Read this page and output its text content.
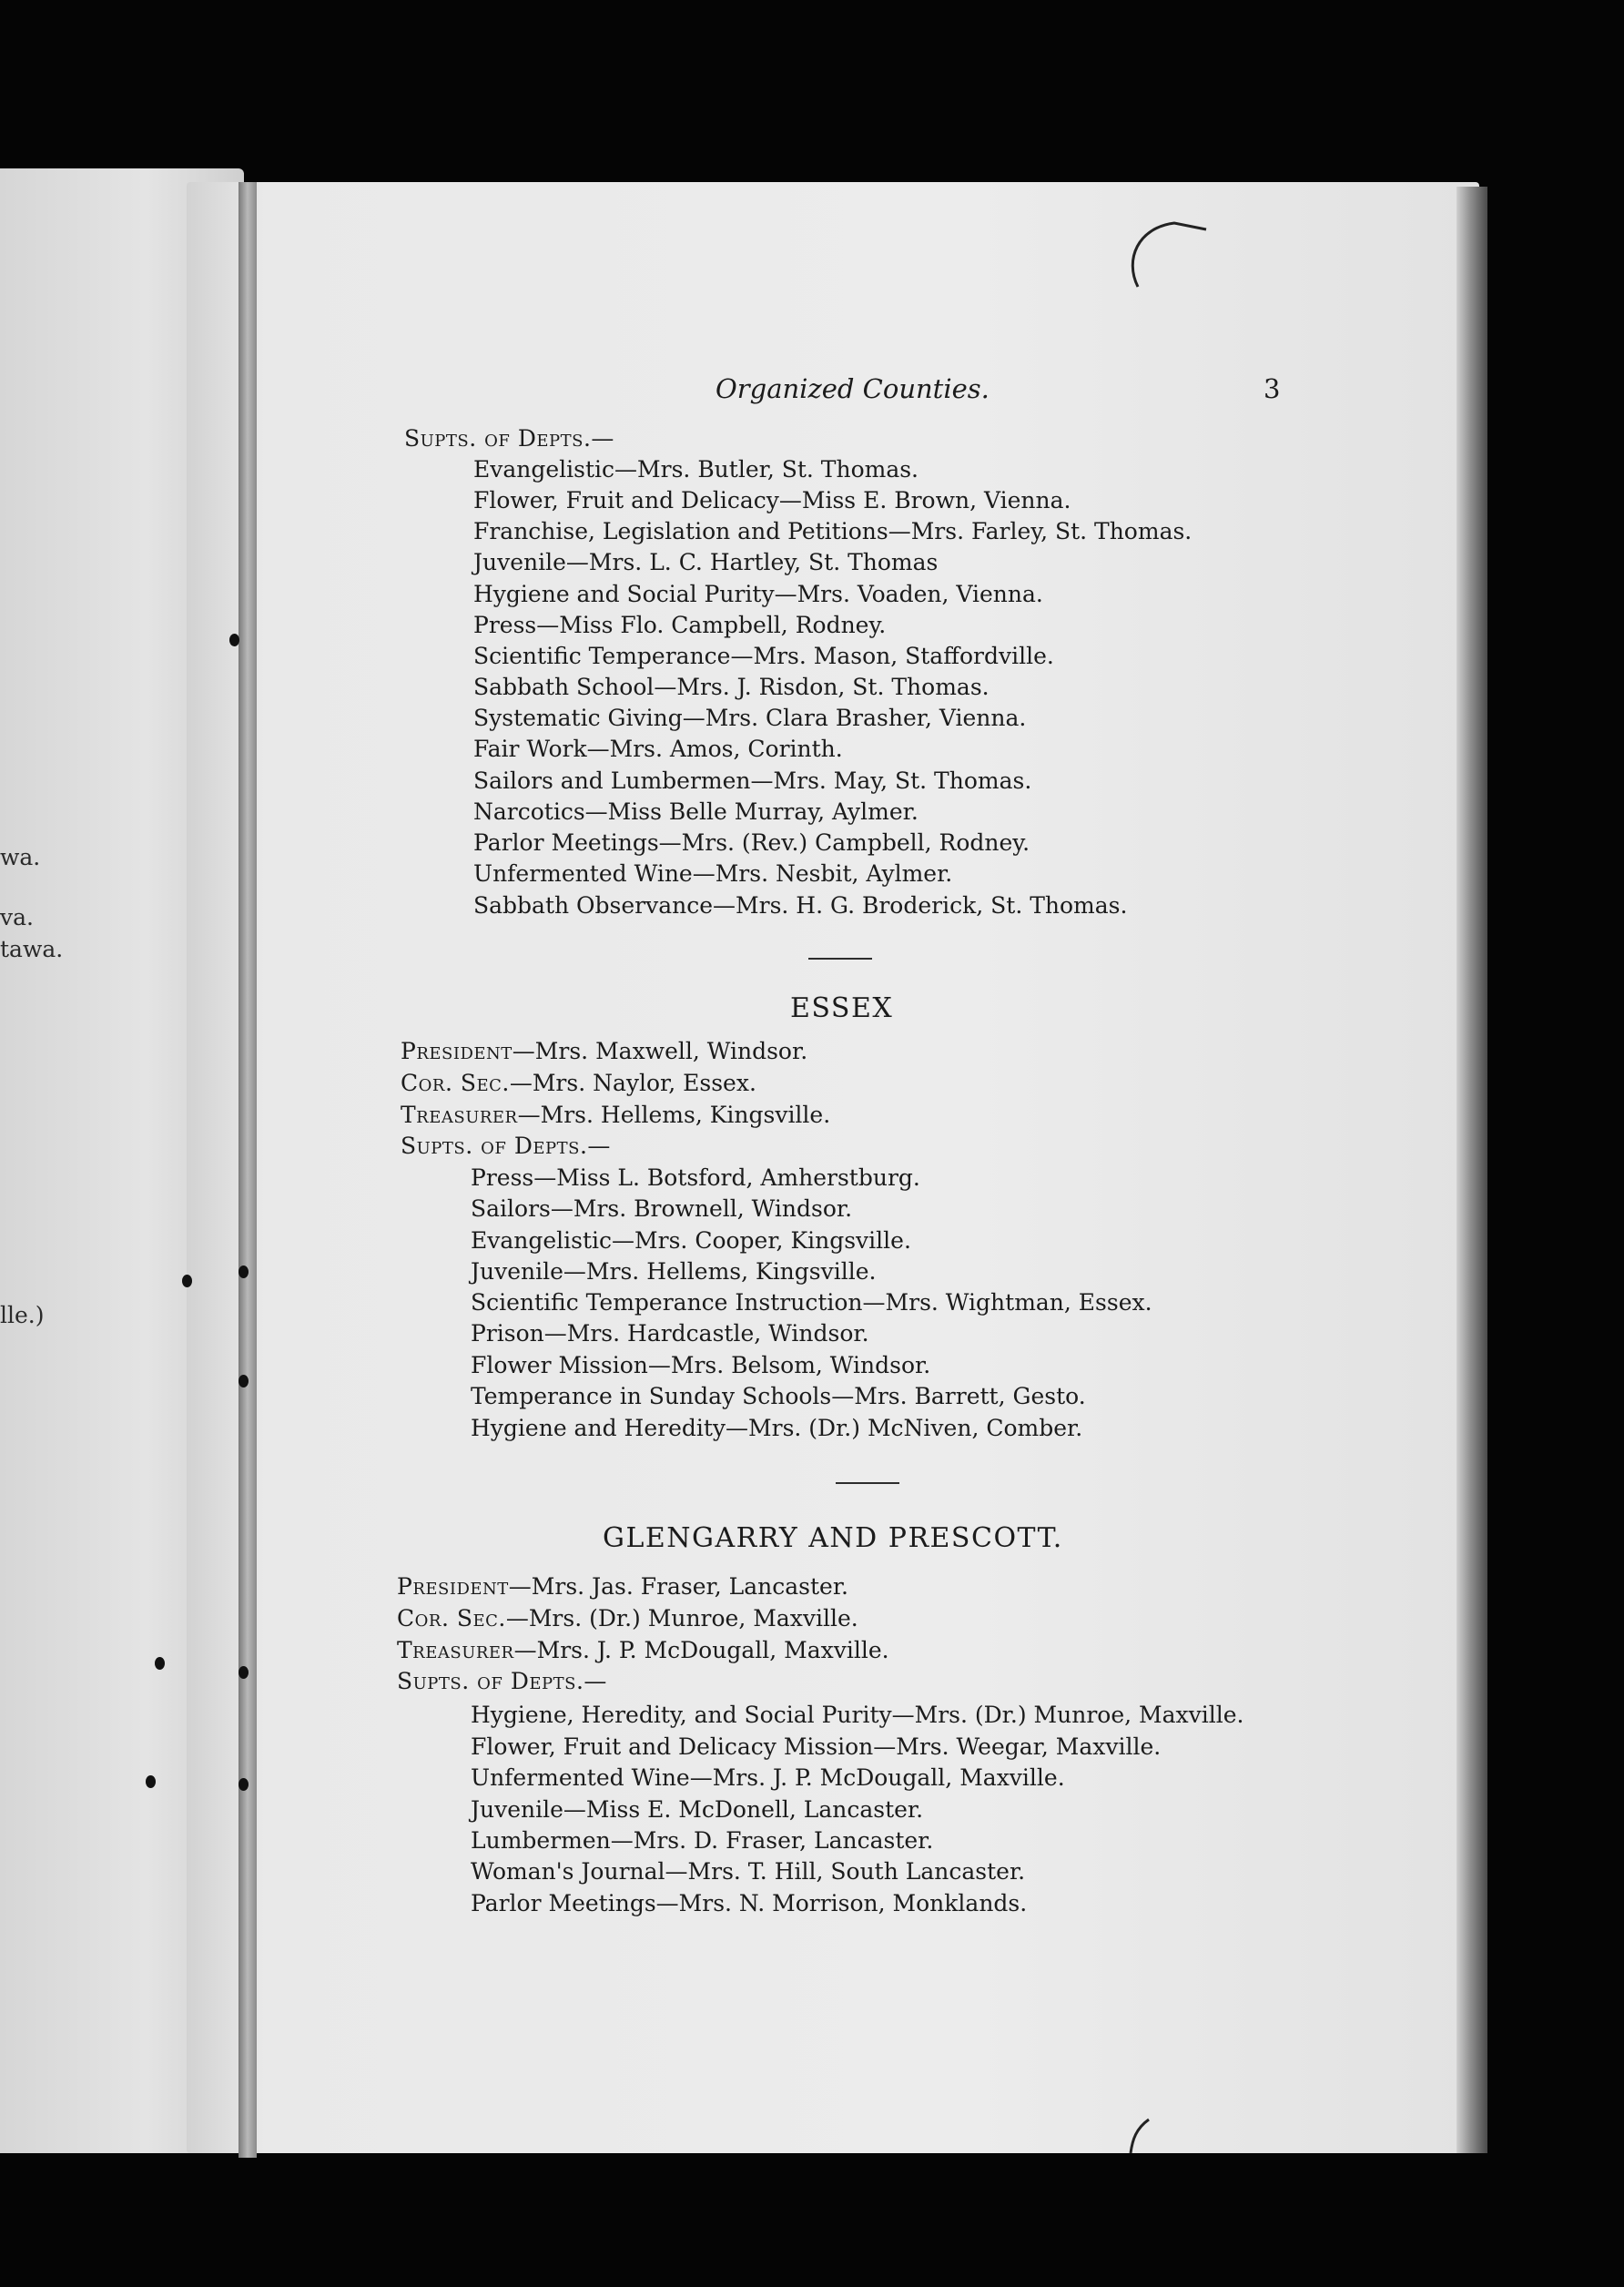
wa.
va.
tawa.
lle.)
Organized Counties.	3
Supts. of Depts.—
Evangelistic—Mrs. Butler, St. Thomas.
Flower, Fruit and Delicacy—Miss E. Brown, Vienna.
Franchise, Legislation and Petitions—Mrs. Farley, St. Thomas.
Juvenile—Mrs. L. C. Hartley, St. Thomas
Hygiene and Social Purity—Mrs. Voaden, Vienna.
Press—Miss Flo. Campbell, Rodney.
Scientific Temperance—Mrs. Mason, Staffordville.
Sabbath School—Mrs. J. Risdon, St. Thomas.
Systematic Giving—Mrs. Clara Brasher, Vienna.
Fair Work—Mrs. Amos, Corinth.
Sailors and Lumbermen—Mrs. May, St. Thomas.
Narcotics—Miss Belle Murray, Aylmer.
Parlor Meetings—Mrs. (Rev.) Campbell, Rodney.
Unfermented Wine—Mrs. Nesbit, Aylmer.
Sabbath Observance—Mrs. H. G. Broderick, St. Thomas.
ESSEX
President—Mrs. Maxwell, Windsor.
Cor. Sec.—Mrs. Naylor, Essex.
Treasurer—Mrs. Hellems, Kingsville.
Supts. of Depts.—
Press—Miss L. Botsford, Amherstburg.
Sailors—Mrs. Brownell, Windsor.
Evangelistic—Mrs. Cooper, Kingsville.
Juvenile—Mrs. Hellems, Kingsville.
Scientific Temperance Instruction—Mrs. Wightman, Essex.
Prison—Mrs. Hardcastle, Windsor.
Flower Mission—Mrs. Belsom, Windsor.
Temperance in Sunday Schools—Mrs. Barrett, Gesto.
Hygiene and Heredity—Mrs. (Dr.) McNiven, Comber.
GLENGARRY AND PRESCOTT.
President—Mrs. Jas. Fraser, Lancaster.
Cor. Sec.—Mrs. (Dr.) Munroe, Maxville.
Treasurer—Mrs. J. P. McDougall, Maxville.
Supts. of Depts.—
Hygiene, Heredity, and Social Purity—Mrs. (Dr.) Munroe, Maxville.
Flower, Fruit and Delicacy Mission—Mrs. Weegar, Maxville.
Unfermented Wine—Mrs. J. P. McDougall, Maxville.
Juvenile—Miss E. McDonell, Lancaster.
Lumbermen—Mrs. D. Fraser, Lancaster.
Woman's Journal—Mrs. T. Hill, South Lancaster.
Parlor Meetings—Mrs. N. Morrison, Monklands.
